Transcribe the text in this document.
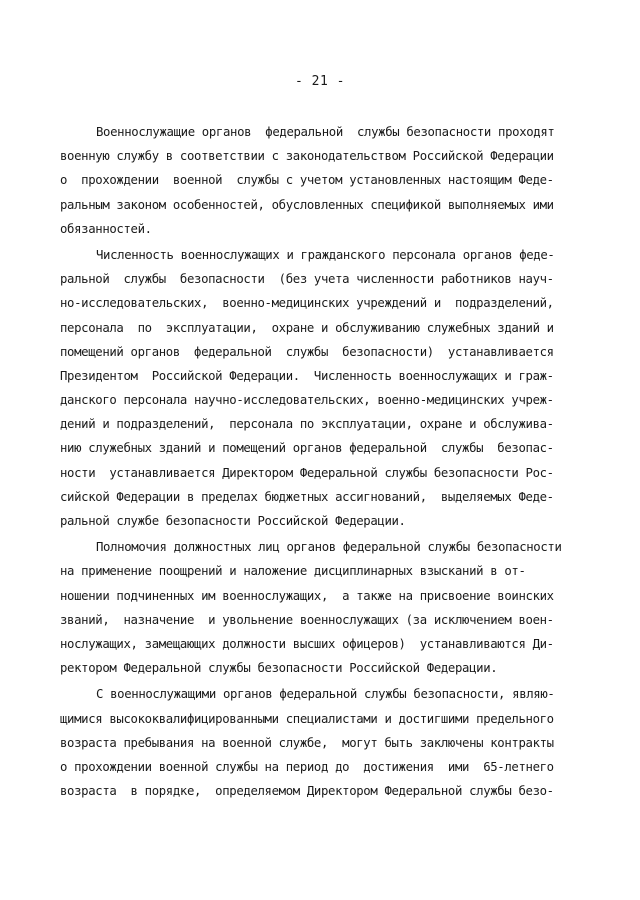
- 21 -
Военнослужащие органов  федеральной  службы безопасности проходят
военную службу в соответствии с законодательством Российской Федерации
о  прохождении  военной  службы с учетом установленных настоящим Феде-
ральным законом особенностей, обусловленных спецификой выполняемых ими
обязанностей.
Численность военнослужащих и гражданского персонала органов феде-
ральной  службы  безопасности  (без учета численности работников науч-
но-исследовательских,  военно-медицинских учреждений и  подразделений,
персонала  по  эксплуатации,  охране и обслуживанию служебных зданий и
помещений органов  федеральной  службы  безопасности)  устанавливается
Президентом  Российской Федерации.  Численность военнослужащих и граж-
данского персонала научно-исследовательских, военно-медицинских учреж-
дений и подразделений,  персонала по эксплуатации, охране и обслужива-
нию служебных зданий и помещений органов федеральной  службы  безопас-
ности  устанавливается Директором Федеральной службы безопасности Рос-
сийской Федерации в пределах бюджетных ассигнований,  выделяемых Феде-
ральной службе безопасности Российской Федерации.
Полномочия должностных лиц органов федеральной службы безопасности
на применение поощрений и наложение дисциплинарных взысканий в от-
ношении подчиненных им военнослужащих,  а также на присвоение воинских
званий,  назначение  и увольнение военнослужащих (за исключением воен-
нослужащих, замещающих должности высших офицеров)  устанавливаются Ди-
ректором Федеральной службы безопасности Российской Федерации.
С военнослужащими органов федеральной службы безопасности, являю-
щимися высококвалифицированными специалистами и достигшими предельного
возраста пребывания на военной службе,  могут быть заключены контракты
о прохождении военной службы на период до  достижения  ими  65-летнего
возраста  в порядке,  определяемом Директором Федеральной службы безо-
